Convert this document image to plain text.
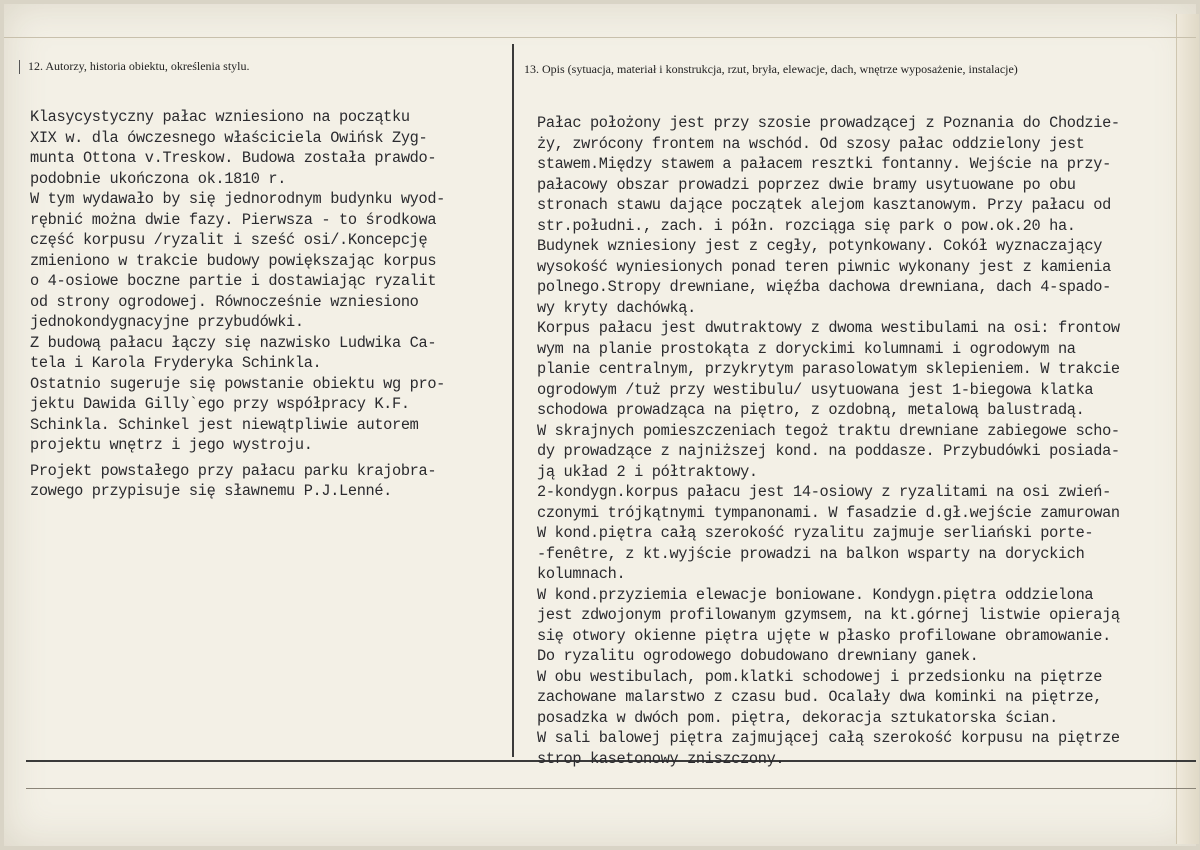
12. Autorzy, historia obiektu, określenia stylu.	13. Opis (sytuacja, materiał i konstrukcja, rzut, bryła, elewacje, dach, wnętrze wyposażenie, instalacje)

Klasycystyczny pałac wzniesiono na początku

XIX w. dla ówczesnego właściciela Owińsk Zyg-

munta Ottona v.Treskow. Budowa została prawdo-

podobnie ukończona ok.1810 r.

W tym wydawało by się jednorodnym budynku wyod-

rębnić można dwie fazy. Pierwsza - to środkowa

część korpusu /ryzalit i sześć osi/.Koncepcję

zmieniono w trakcie budowy powiększając korpus

o 4-osiowe boczne partie i dostawiając ryzalit

od strony ogrodowej. Równocześnie wzniesiono

jednokondygnacyjne przybudówki.

Z budową pałacu łączy się nazwisko Ludwika Ca-

tela i Karola Fryderyka Schinkla.

Ostatnio sugeruje się powstanie obiektu wg pro-

jektu Dawida Gilly`ego przy współpracy K.F.

Schinkla. Schinkel jest niewątpliwie autorem

projektu wnętrz i jego wystroju.

Projekt powstałego przy pałacu parku krajobra-

zowego przypisuje się sławnemu P.J.Lenné.

Pałac położony jest przy szosie prowadzącej z Poznania do Chodzie-

ży, zwrócony frontem na wschód. Od szosy pałac oddzielony jest

stawem.Między stawem a pałacem resztki fontanny. Wejście na przy-

pałacowy obszar prowadzi poprzez dwie bramy usytuowane po obu

stronach stawu dające początek alejom kasztanowym. Przy pałacu od

str.południ., zach. i półn. rozciąga się park o pow.ok.20 ha.

Budynek wzniesiony jest z cegły, potynkowany. Cokół wyznaczający

wysokość wyniesionych ponad teren piwnic wykonany jest z kamienia

polnego.Stropy drewniane, więźba dachowa drewniana, dach 4-spado-

wy kryty dachówką.

Korpus pałacu jest dwutraktowy z dwoma westibulami na osi: frontow

wym na planie prostokąta z doryckimi kolumnami i ogrodowym na

planie centralnym, przykrytym parasolowatym sklepieniem. W trakcie

ogrodowym /tuż przy westibulu/ usytuowana jest 1-biegowa klatka

schodowa prowadząca na piętro, z ozdobną, metalową balustradą.

W skrajnych pomieszczeniach tegoż traktu drewniane zabiegowe scho-

dy prowadzące z najniższej kond. na poddasze. Przybudówki posiada-

ją układ 2 i półtraktowy.

2-kondygn.korpus pałacu jest 14-osiowy z ryzalitami na osi zwień-

czonymi trójkątnymi tympanonami. W fasadzie d.gł.wejście zamurowan

W kond.piętra całą szerokość ryzalitu zajmuje serliański porte-

-fenêtre, z kt.wyjście prowadzi na balkon wsparty na doryckich

kolumnach.

W kond.przyziemia elewacje boniowane. Kondygn.piętra oddzielona

jest zdwojonym profilowanym gzymsem, na kt.górnej listwie opierają

się otwory okienne piętra ujęte w płasko profilowane obramowanie.

Do ryzalitu ogrodowego dobudowano drewniany ganek.

W obu westibulach, pom.klatki schodowej i przedsionku na piętrze

zachowane malarstwo z czasu bud. Ocalały dwa kominki na piętrze,

posadzka w dwóch pom. piętra, dekoracja sztukatorska ścian.

W sali balowej piętra zajmującej całą szerokość korpusu na piętrze

strop kasetonowy zniszczony.
